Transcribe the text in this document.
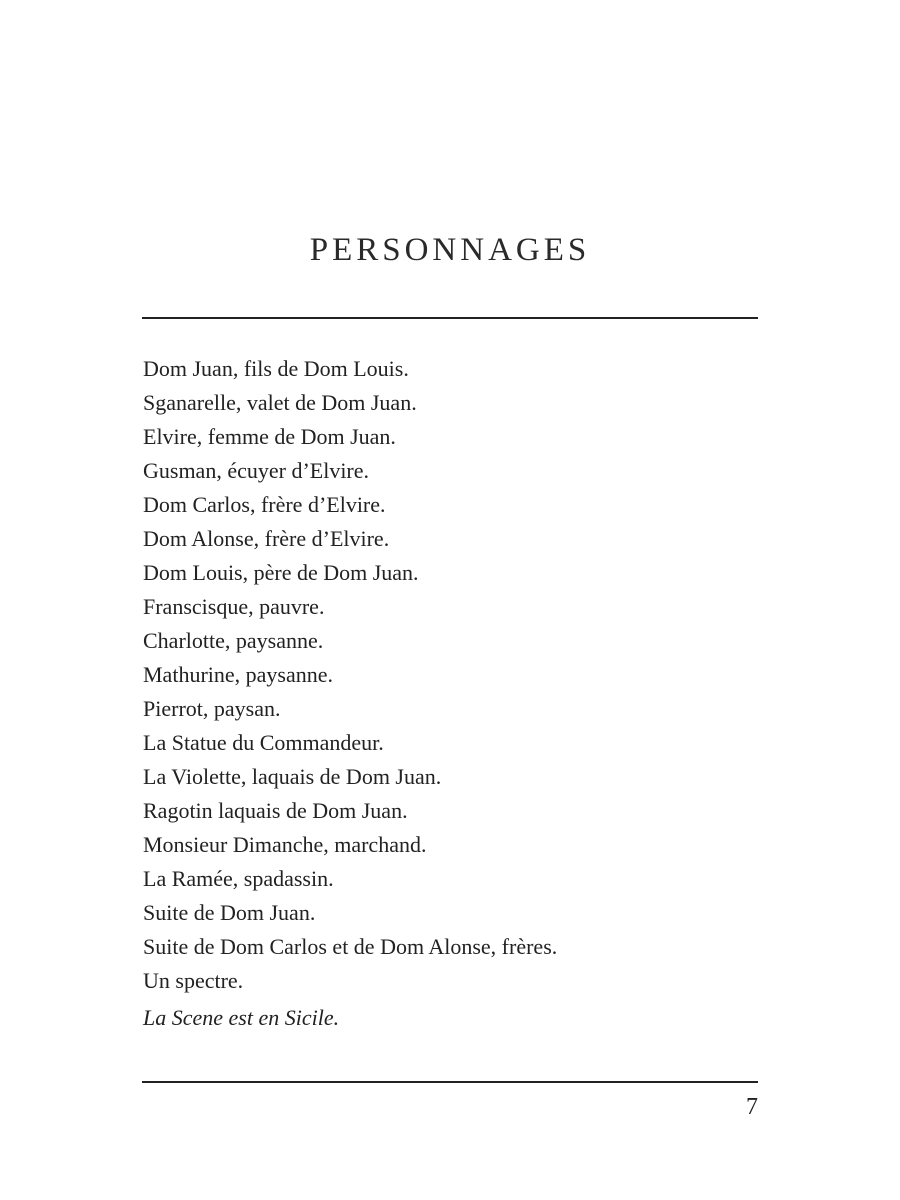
PERSONNAGES
Dom Juan, fils de Dom Louis.
Sganarelle, valet de Dom Juan.
Elvire, femme de Dom Juan.
Gusman, écuyer d’Elvire.
Dom Carlos, frère d’Elvire.
Dom Alonse, frère d’Elvire.
Dom Louis, père de Dom Juan.
Franscisque, pauvre.
Charlotte, paysanne.
Mathurine, paysanne.
Pierrot, paysan.
La Statue du Commandeur.
La Violette, laquais de Dom Juan.
Ragotin laquais de Dom Juan.
Monsieur Dimanche, marchand.
La Ramée, spadassin.
Suite de Dom Juan.
Suite de Dom Carlos et de Dom Alonse, frères.
Un spectre.
La Scene est en Sicile.
7
